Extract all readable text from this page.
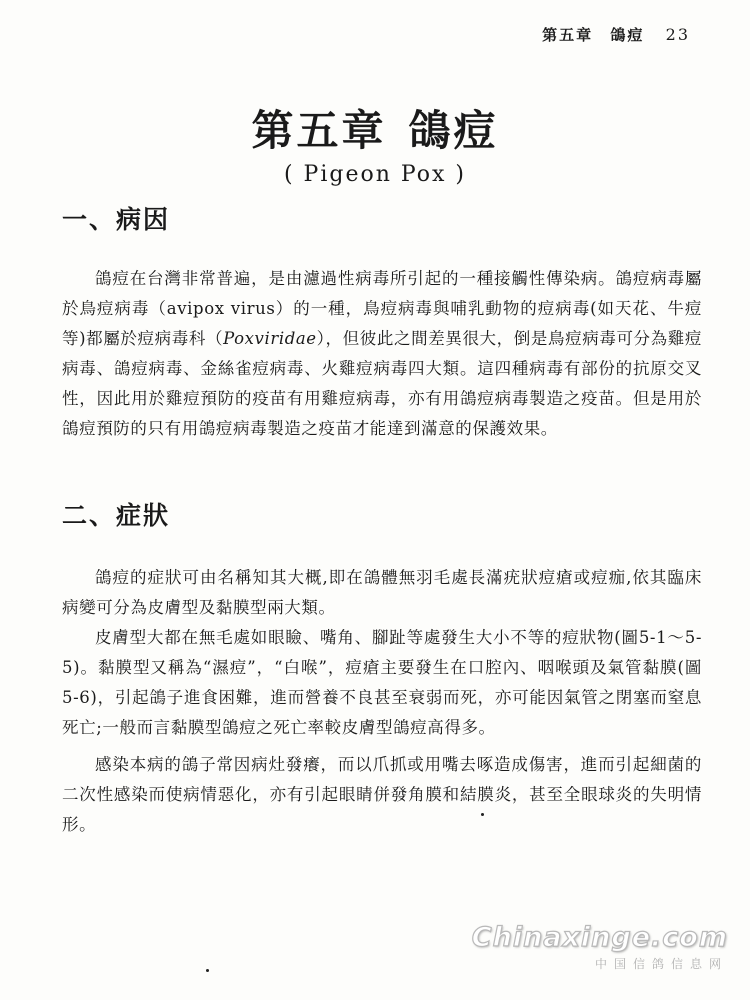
第五章 鴿痘 23
第五章 鴿痘
( Pigeon Pox )
一、病因

鴿痘在台灣非常普遍，是由濾過性病毒所引起的一種接觸性傳染病。鴿痘病毒屬於鳥痘病毒（avipox virus）的一種，鳥痘病毒與哺乳動物的痘病毒(如天花、牛痘等)都屬於痘病毒科（Poxviridae），但彼此之間差異很大，倒是鳥痘病毒可分為雞痘病毒、鴿痘病毒、金絲雀痘病毒、火雞痘病毒四大類。這四種病毒有部份的抗原交叉性，因此用於雞痘預防的疫苗有用雞痘病毒，亦有用鴿痘病毒製造之疫苗。但是用於鴿痘預防的只有用鴿痘病毒製造之疫苗才能達到滿意的保護效果。

二、症狀

鴿痘的症狀可由名稱知其大概,即在鴿體無羽毛處長滿疣狀痘瘡或痘痂,依其臨床病變可分為皮膚型及黏膜型兩大類。

皮膚型大都在無毛處如眼瞼、嘴角、腳趾等處發生大小不等的痘狀物(圖5-1～5-5)。黏膜型又稱為“濕痘”，“白喉”，痘瘡主要發生在口腔內、咽喉頭及氣管黏膜(圖5-6)，引起鴿子進食困難，進而營養不良甚至衰弱而死，亦可能因氣管之閉塞而窒息死亡;一般而言黏膜型鴿痘之死亡率較皮膚型鴿痘高得多。

感染本病的鴿子常因病灶發癢，而以爪抓或用嘴去啄造成傷害，進而引起細菌的二次性感染而使病情惡化，亦有引起眼睛併發角膜和結膜炎，甚至全眼球炎的失明情形。

Chinaxinge.com
中国信鸽信息网
